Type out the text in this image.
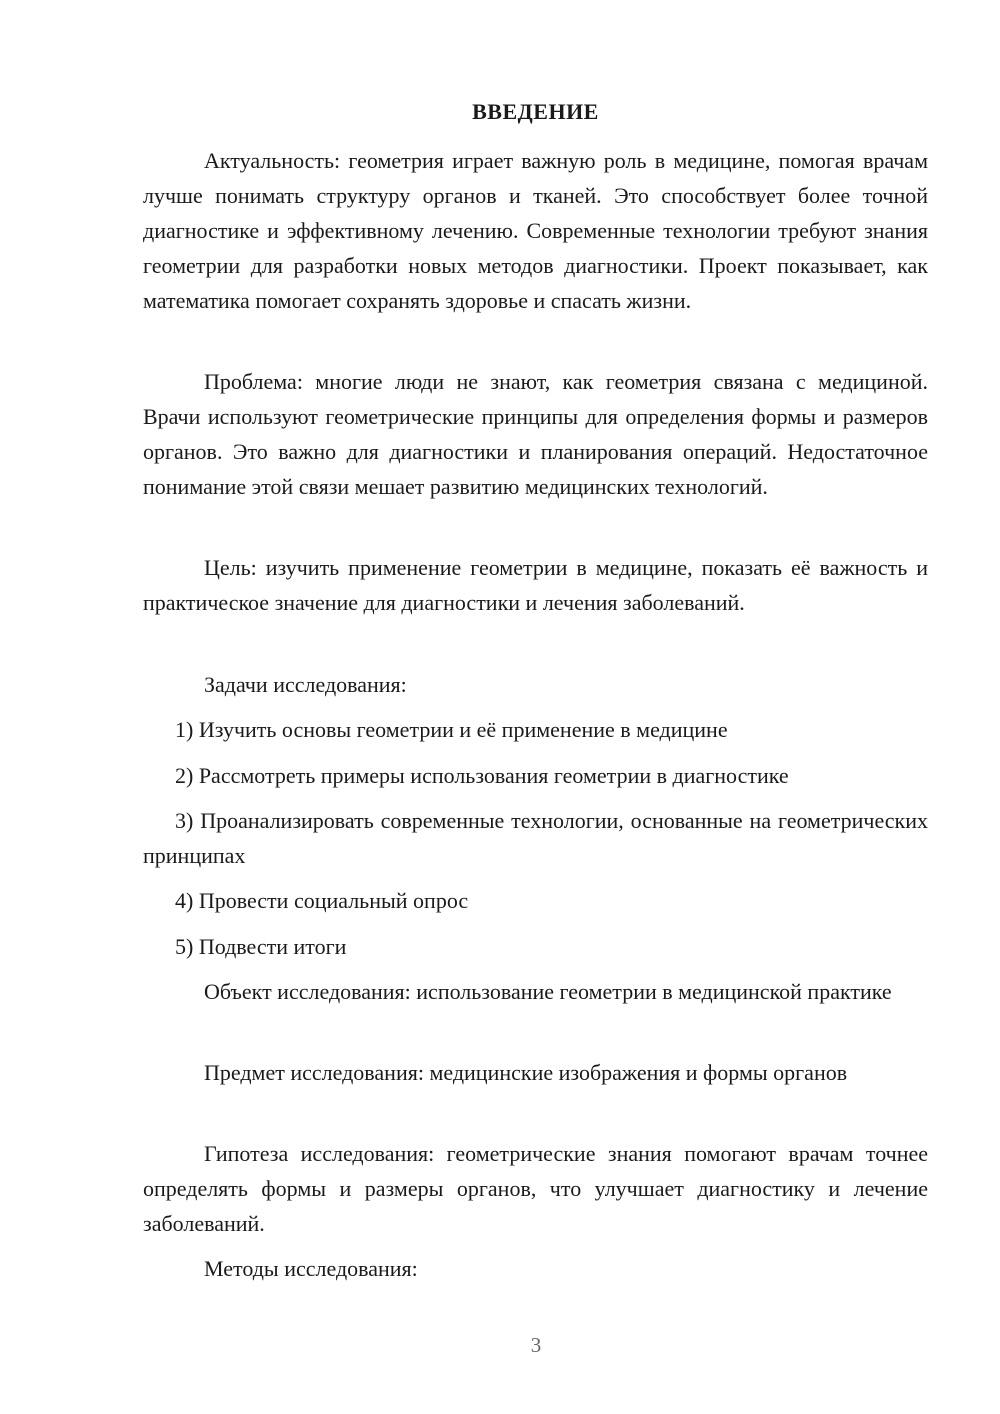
ВВЕДЕНИЕ

Актуальность: геометрия играет важную роль в медицине, помогая врачам лучше понимать структуру органов и тканей. Это способствует более точной диагностике и эффективному лечению. Современные технологии требуют знания геометрии для разработки новых методов диагностики. Проект показывает, как математика помогает сохранять здоровье и спасать жизни.

Проблема: многие люди не знают, как геометрия связана с медициной. Врачи используют геометрические принципы для определения формы и размеров органов. Это важно для диагностики и планирования операций. Недостаточное понимание этой связи мешает развитию медицинских технологий.

Цель: изучить применение геометрии в медицине, показать её важность и практическое значение для диагностики и лечения заболеваний.

Задачи исследования:

1) Изучить основы геометрии и её применение в медицине

2) Рассмотреть примеры использования геометрии в диагностике

3) Проанализировать современные технологии, основанные на геометрических принципах

4) Провести социальный опрос

5) Подвести итоги

Объект исследования: использование геометрии в медицинской практике

Предмет исследования: медицинские изображения и формы органов

Гипотеза исследования: геометрические знания помогают врачам точнее определять формы и размеры органов, что улучшает диагностику и лечение заболеваний.

Методы исследования:

3
